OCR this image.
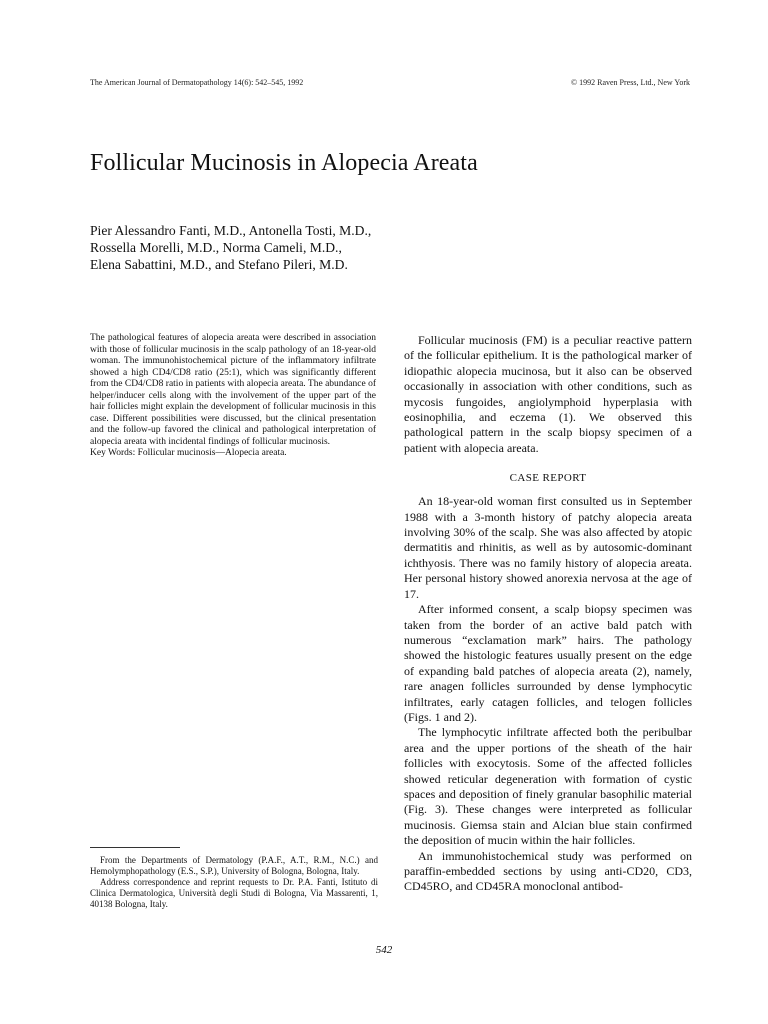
The American Journal of Dermatopathology 14(6): 542–545, 1992	© 1992 Raven Press, Ltd., New York
Follicular Mucinosis in Alopecia Areata
Pier Alessandro Fanti, M.D., Antonella Tosti, M.D.,
Rossella Morelli, M.D., Norma Cameli, M.D.,
Elena Sabattini, M.D., and Stefano Pileri, M.D.

The pathological features of alopecia areata were described in association with those of follicular mucinosis in the scalp pathology of an 18-year-old woman. The immunohistochemical picture of the inflammatory infiltrate showed a high CD4/CD8 ratio (25:1), which was significantly different from the CD4/CD8 ratio in patients with alopecia areata. The abundance of helper/inducer cells along with the involvement of the upper part of the hair follicles might explain the development of follicular mucinosis in this case. Different possibilities were discussed, but the clinical presentation and the follow-up favored the clinical and pathological interpretation of alopecia areata with incidental findings of follicular mucinosis.

Key Words: Follicular mucinosis—Alopecia areata.

Follicular mucinosis (FM) is a peculiar reactive pattern of the follicular epithelium. It is the pathological marker of idiopathic alopecia mucinosa, but it also can be observed occasionally in association with other conditions, such as mycosis fungoides, angiolymphoid hyperplasia with eosinophilia, and eczema (1). We observed this pathological pattern in the scalp biopsy specimen of a patient with alopecia areata.

CASE REPORT

An 18-year-old woman first consulted us in September 1988 with a 3-month history of patchy alopecia areata involving 30% of the scalp. She was also affected by atopic dermatitis and rhinitis, as well as by autosomic-dominant ichthyosis. There was no family history of alopecia areata. Her personal history showed anorexia nervosa at the age of 17.

After informed consent, a scalp biopsy specimen was taken from the border of an active bald patch with numerous “exclamation mark” hairs. The pathology showed the histologic features usually present on the edge of expanding bald patches of alopecia areata (2), namely, rare anagen follicles surrounded by dense lymphocytic infiltrates, early catagen follicles, and telogen follicles (Figs. 1 and 2).

The lymphocytic infiltrate affected both the peribulbar area and the upper portions of the sheath of the hair follicles with exocytosis. Some of the affected follicles showed reticular degeneration with formation of cystic spaces and deposition of finely granular basophilic material (Fig. 3). These changes were interpreted as follicular mucinosis. Giemsa stain and Alcian blue stain confirmed the deposition of mucin within the hair follicles.

An immunohistochemical study was performed on paraffin-embedded sections by using anti-CD20, CD3, CD45RO, and CD45RA monoclonal antibod-

From the Departments of Dermatology (P.A.F., A.T., R.M., N.C.) and Hemolymphopathology (E.S., S.P.), University of Bologna, Bologna, Italy.

Address correspondence and reprint requests to Dr. P.A. Fanti, Istituto di Clinica Dermatologica, Università degli Studi di Bologna, Via Massarenti, 1, 40138 Bologna, Italy.

542
